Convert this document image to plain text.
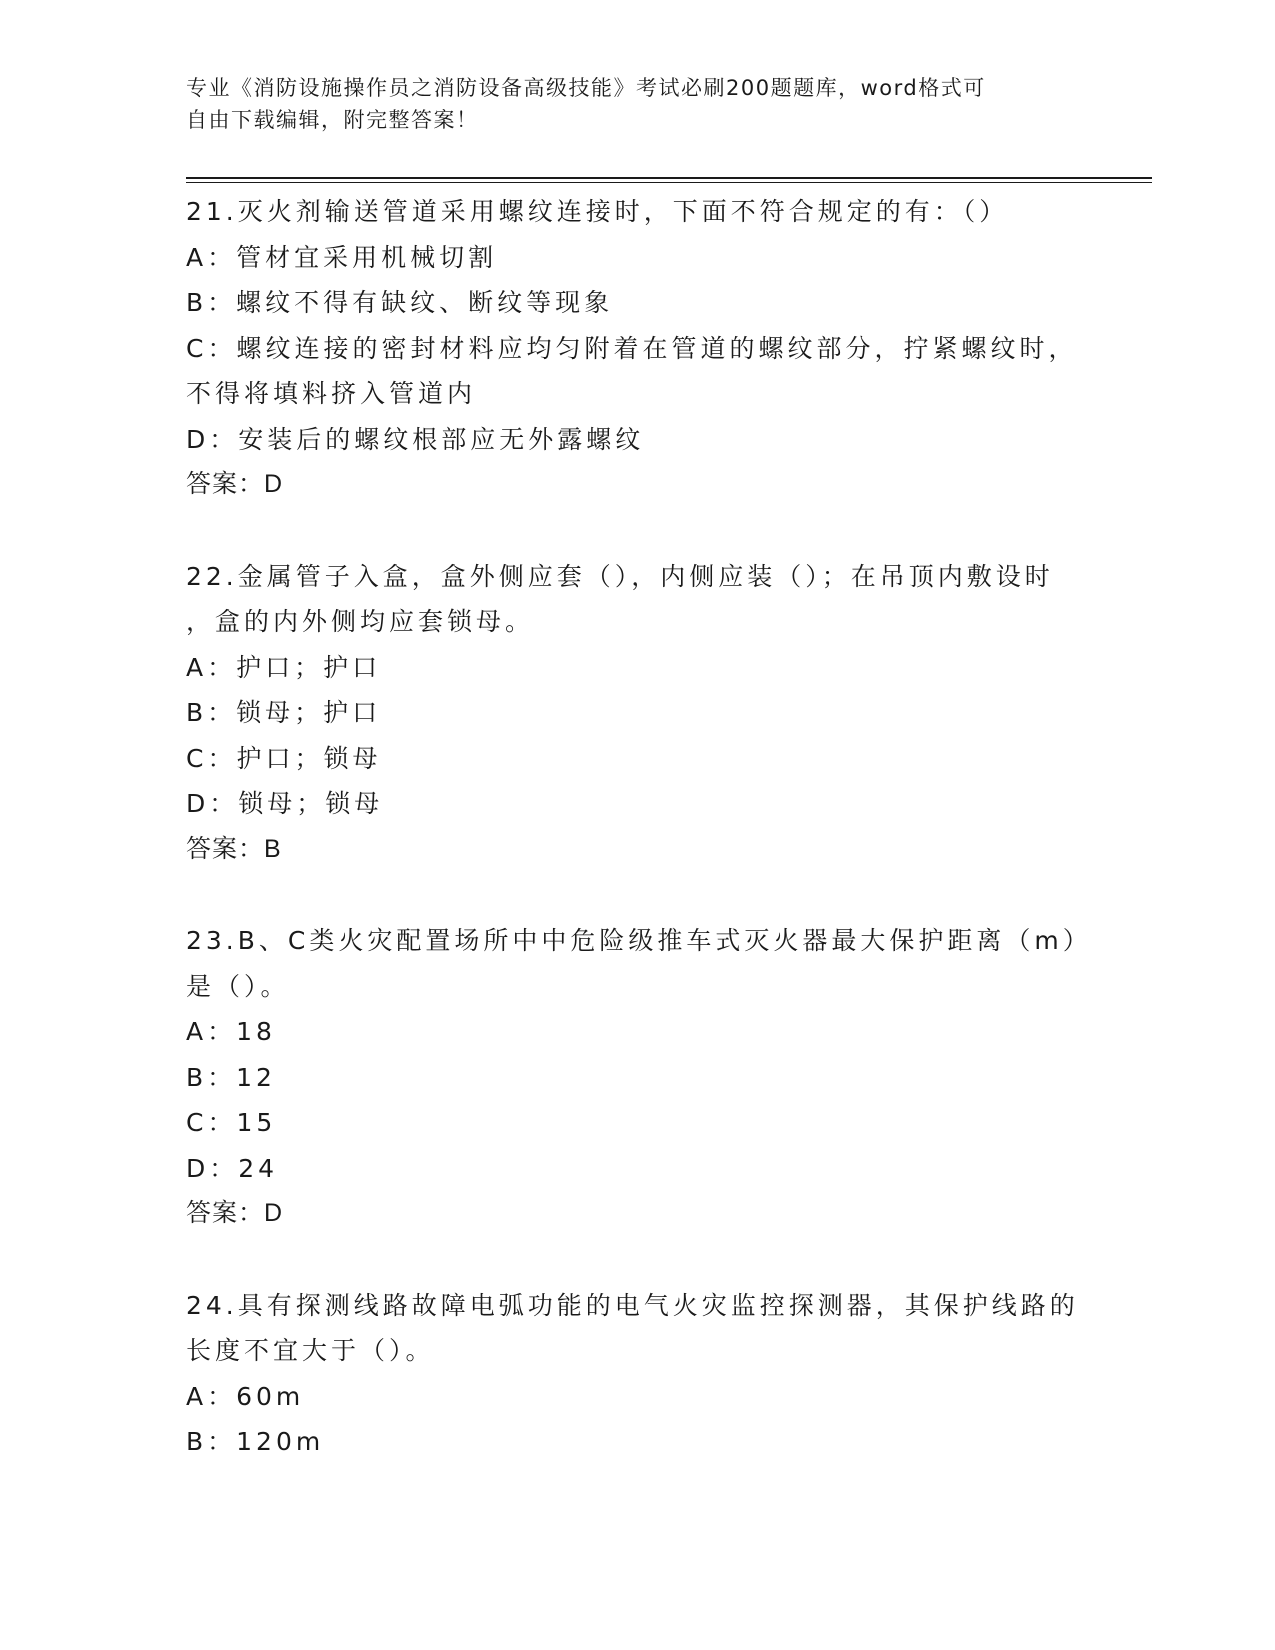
专业《消防设施操作员之消防设备高级技能》考试必刷200题题库，word格式可
自由下载编辑，附完整答案！
21.灭火剂输送管道采用螺纹连接时，下面不符合规定的有：（）
A：管材宜采用机械切割
B：螺纹不得有缺纹、断纹等现象
C：螺纹连接的密封材料应均匀附着在管道的螺纹部分，拧紧螺纹时，
不得将填料挤入管道内
D：安装后的螺纹根部应无外露螺纹
答案：D
22.金属管子入盒，盒外侧应套（），内侧应装（）；在吊顶内敷设时
，盒的内外侧均应套锁母。
A：护口；护口
B：锁母；护口
C：护口；锁母
D：锁母；锁母
答案：B
23.B、C类火灾配置场所中中危险级推车式灭火器最大保护距离（m）
是（）。
A：18
B：12
C：15
D：24
答案：D
24.具有探测线路故障电弧功能的电气火灾监控探测器，其保护线路的
长度不宜大于（）。
A：60m
B：120m
